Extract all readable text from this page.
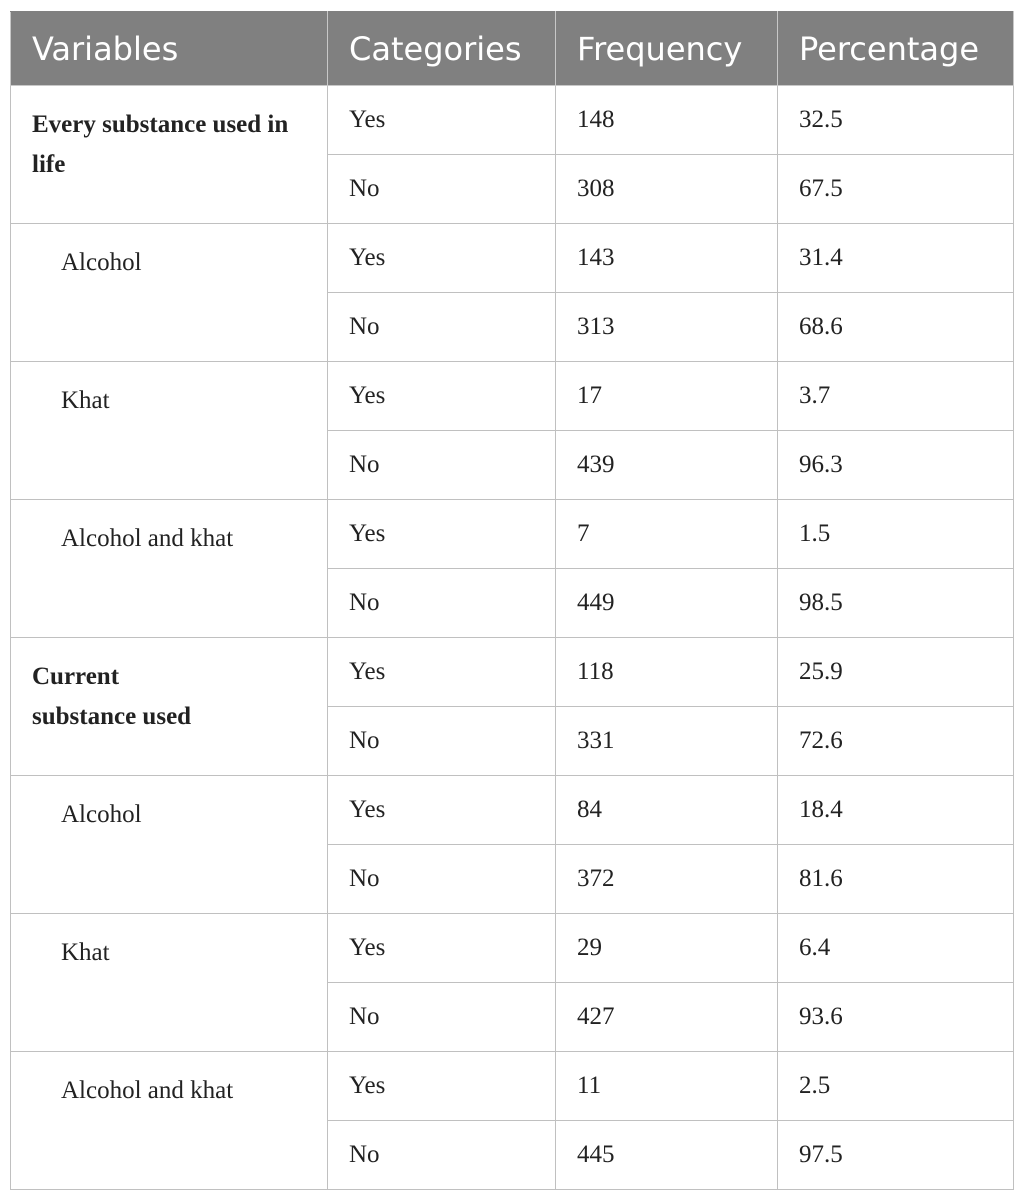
Variables	Categories	Frequency	Percentage
Every substance used in life	Yes	148	32.5
	No	308	67.5
Alcohol	Yes	143	31.4
	No	313	68.6
Khat	Yes	17	3.7
	No	439	96.3
Alcohol and khat	Yes	7	1.5
	No	449	98.5
Current substance used	Yes	118	25.9
	No	331	72.6
Alcohol	Yes	84	18.4
	No	372	81.6
Khat	Yes	29	6.4
	No	427	93.6
Alcohol and khat	Yes	11	2.5
	No	445	97.5
